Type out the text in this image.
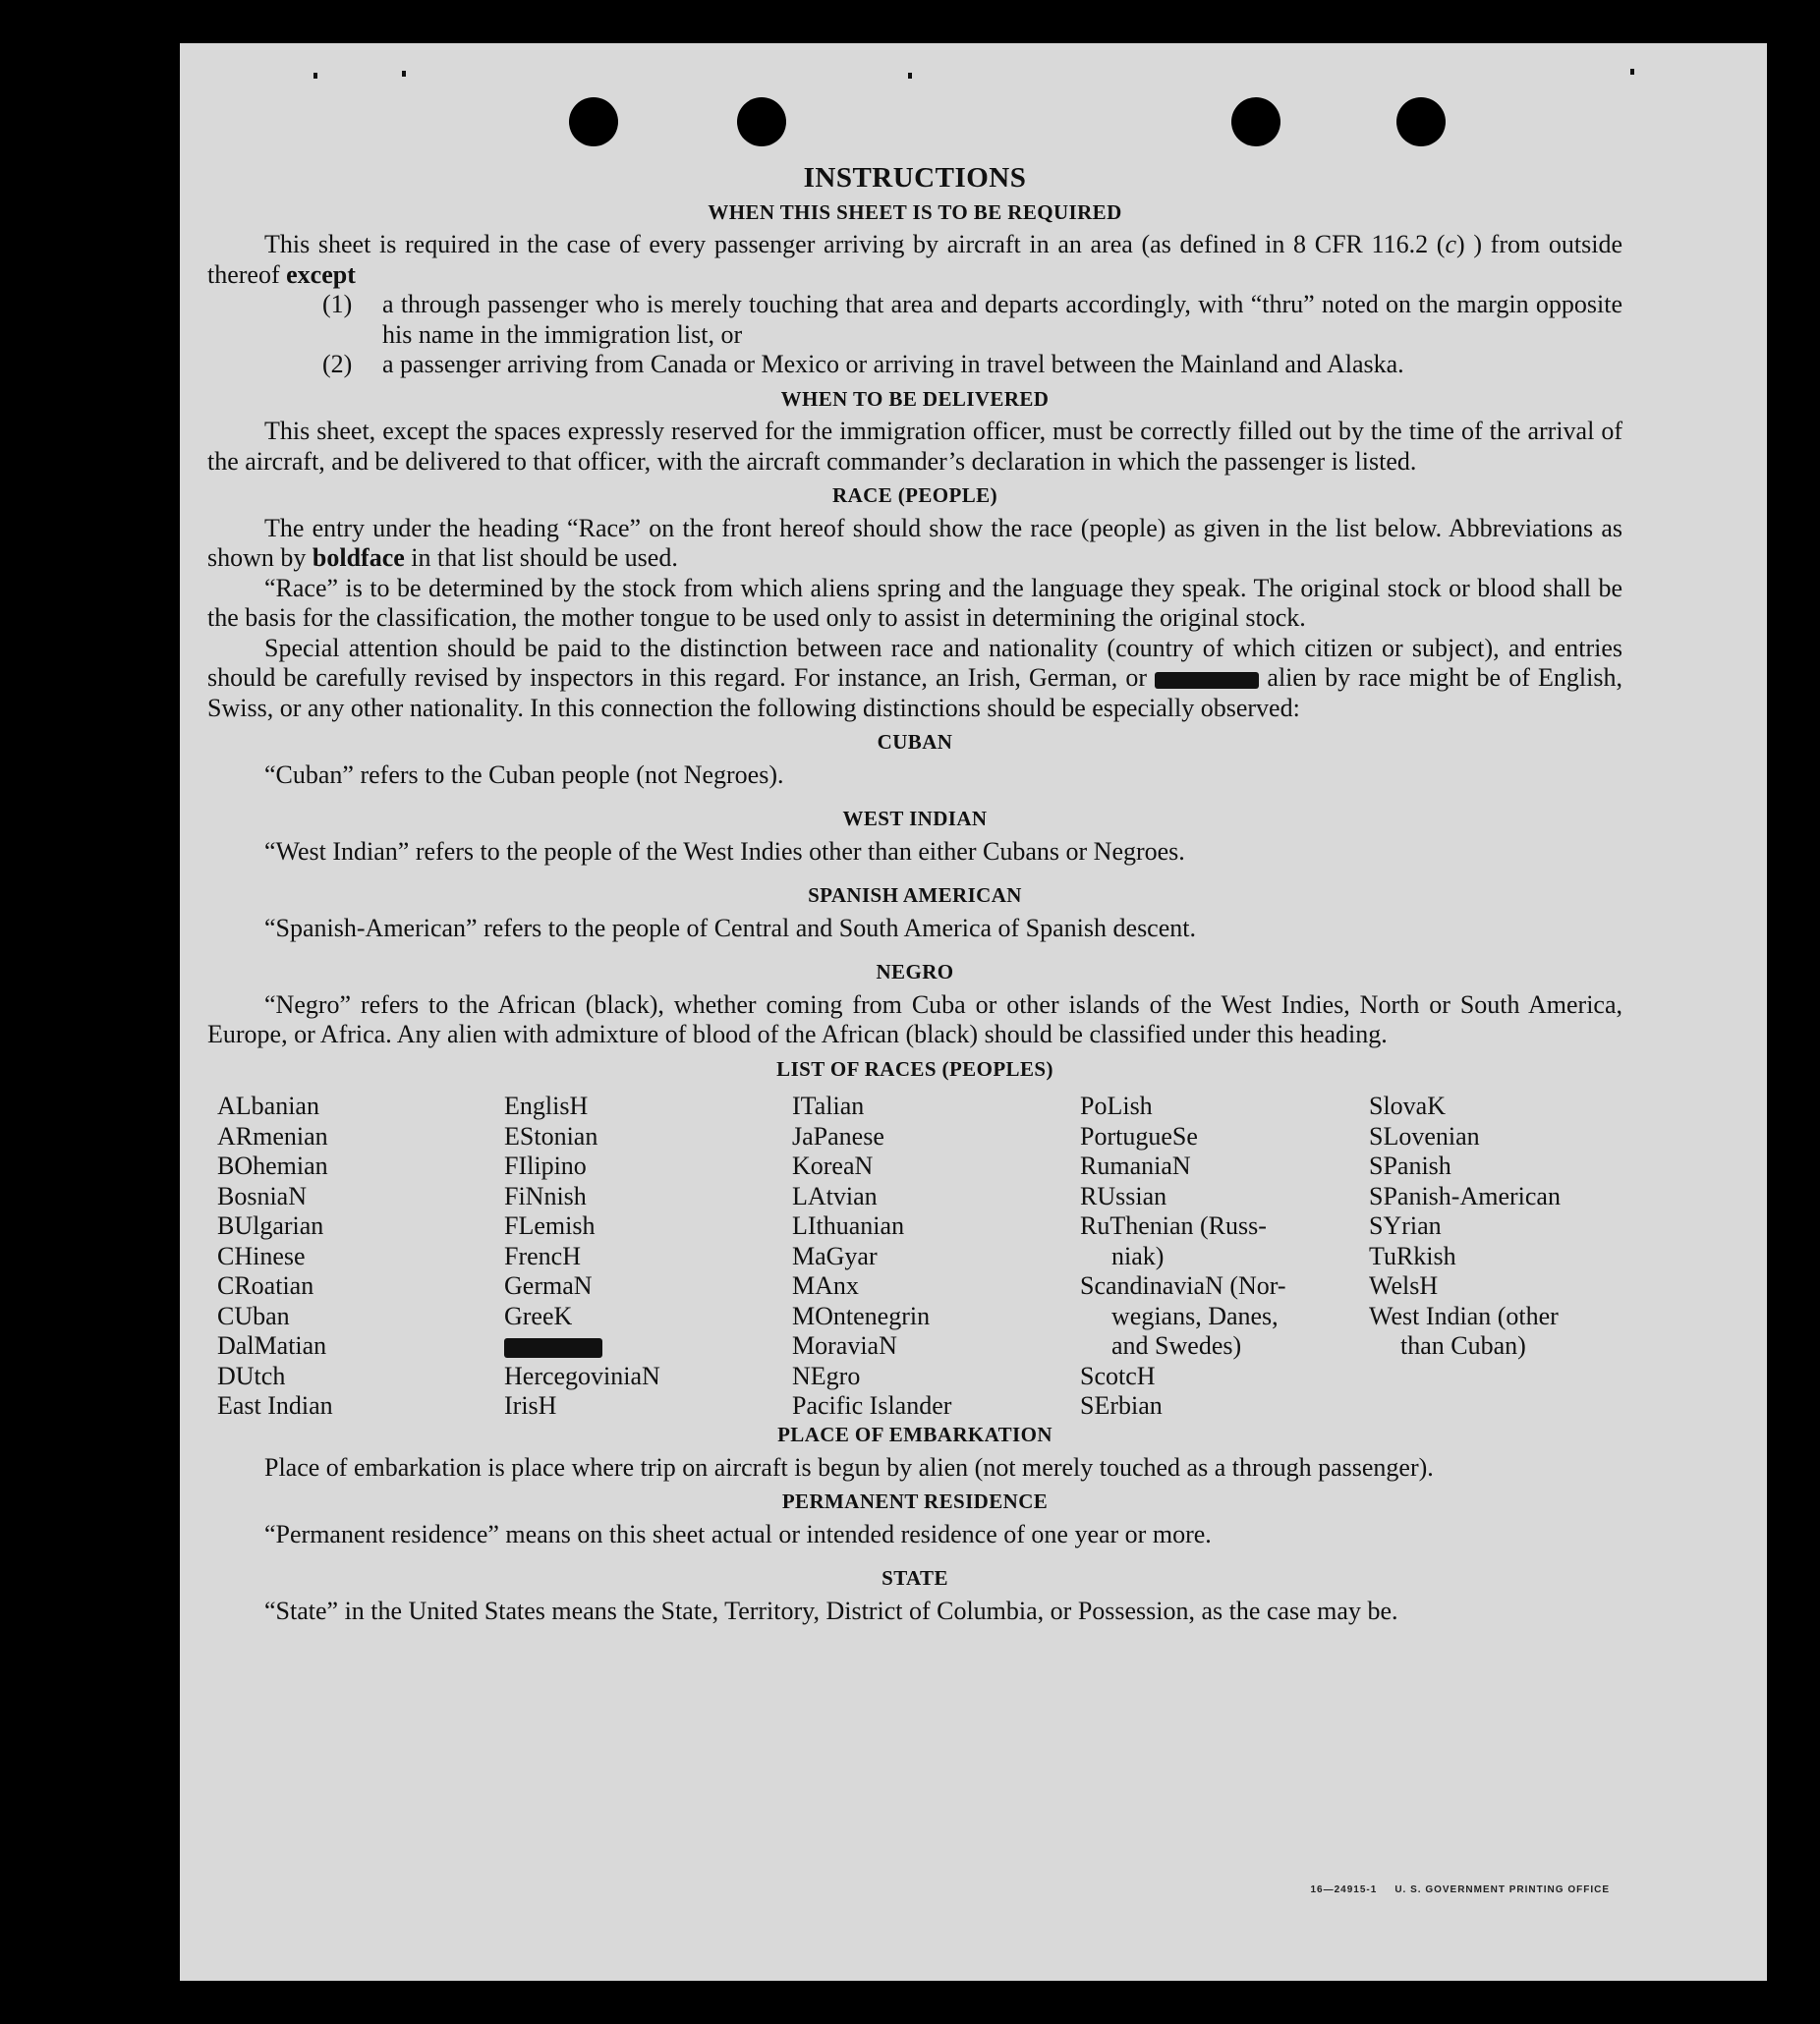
INSTRUCTIONS
WHEN THIS SHEET IS TO BE REQUIRED

This sheet is required in the case of every passenger arriving by aircraft in an area (as defined in 8 CFR 116.2 (c) ) from outside thereof except

(1) a through passenger who is merely touching that area and departs accordingly, with “thru” noted on the margin opposite his name in the immigration list, or

(2) a passenger arriving from Canada or Mexico or arriving in travel between the Mainland and Alaska.

WHEN TO BE DELIVERED

This sheet, except the spaces expressly reserved for the immigration officer, must be correctly filled out by the time of the arrival of the aircraft, and be delivered to that officer, with the aircraft commander’s declaration in which the passenger is listed.

RACE (PEOPLE)

The entry under the heading “Race” on the front hereof should show the race (people) as given in the list below. Abbreviations as shown by boldface in that list should be used.

“Race” is to be determined by the stock from which aliens spring and the language they speak. The original stock or blood shall be the basis for the classification, the mother tongue to be used only to assist in determining the original stock.

Special attention should be paid to the distinction between race and nationality (country of which citizen or subject), and entries should be carefully revised by inspectors in this regard. For instance, an Irish, German, or	alien by race might be of English, Swiss, or any other nationality. In this connection the following distinctions should be especially observed:

CUBAN

“Cuban” refers to the Cuban people (not Negroes).

WEST INDIAN

“West Indian” refers to the people of the West Indies other than either Cubans or Negroes.

SPANISH AMERICAN

“Spanish-American” refers to the people of Central and South America of Spanish descent.

NEGRO

“Negro” refers to the African (black), whether coming from Cuba or other islands of the West Indies, North or South America, Europe, or Africa. Any alien with admixture of blood of the African (black) should be classified under this heading.

LIST OF RACES (PEOPLES)
ALbanian
ARmenian
BOhemian
BosniaN
BUlgarian
CHinese
CRoatian
CUban
DalMatian
DUtch
East Indian
EnglisH
EStonian
FIlipino
FiNnish
FLemish
FrencH
GermaN
GreeK
HercegoviniaN
IrisH
ITalian
JaPanese
KoreaN
LAtvian
LIthuanian
MaGyar
MAnx
MOntenegrin
MoraviaN
NEgro
Pacific Islander
PoLish
PortugueSe
RumaniaN
RUssian
RuThenian (Russ-
niak)
ScandinaviaN (Nor-
wegians, Danes,
and Swedes)
ScotcH
SErbian
SlovaK
SLovenian
SPanish
SPanish-American
SYrian
TuRkish
WelsH
West Indian (other
than Cuban)
PLACE OF EMBARKATION

Place of embarkation is place where trip on aircraft is begun by alien (not merely touched as a through passenger).

PERMANENT RESIDENCE

“Permanent residence” means on this sheet actual or intended residence of one year or more.

STATE

“State” in the United States means the State, Territory, District of Columbia, or Possession, as the case may be.

16—24915-1 U. S. GOVERNMENT PRINTING OFFICE
